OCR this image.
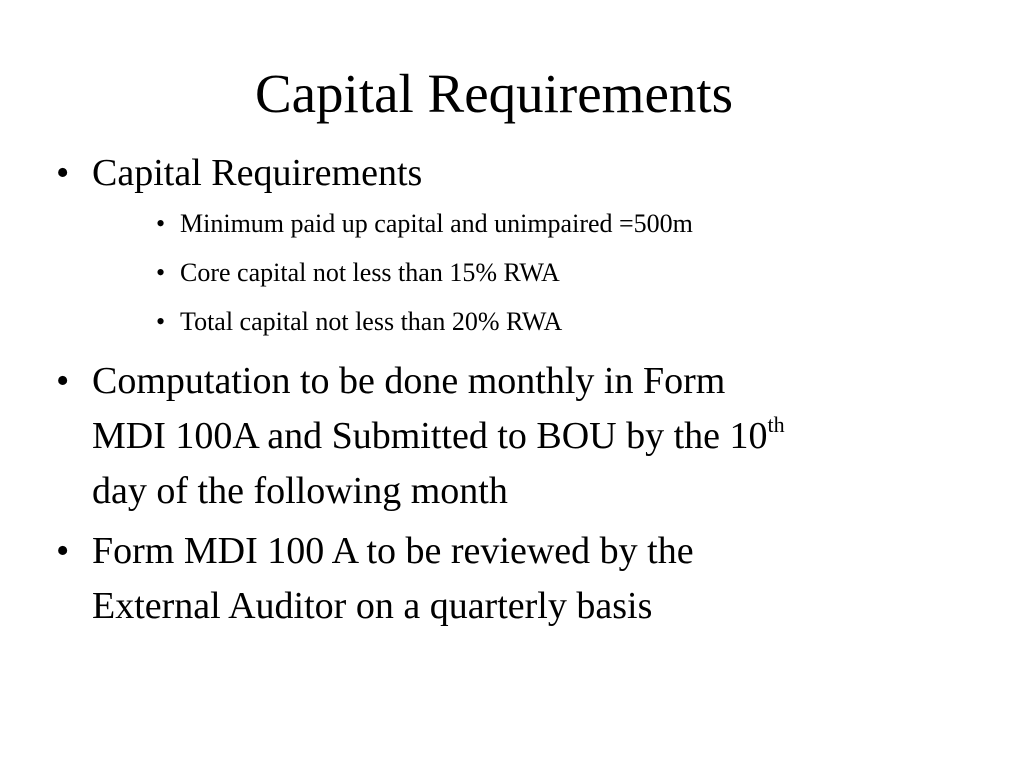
Capital Requirements
• Capital Requirements
• Minimum paid up capital and unimpaired =500m
• Core capital not less than 15% RWA
• Total capital not less than 20% RWA
• Computation to be done monthly in Form
MDI 100A and Submitted to BOU by the 10th
day of the following month
• Form MDI 100 A to be reviewed by the
External Auditor on a quarterly basis
